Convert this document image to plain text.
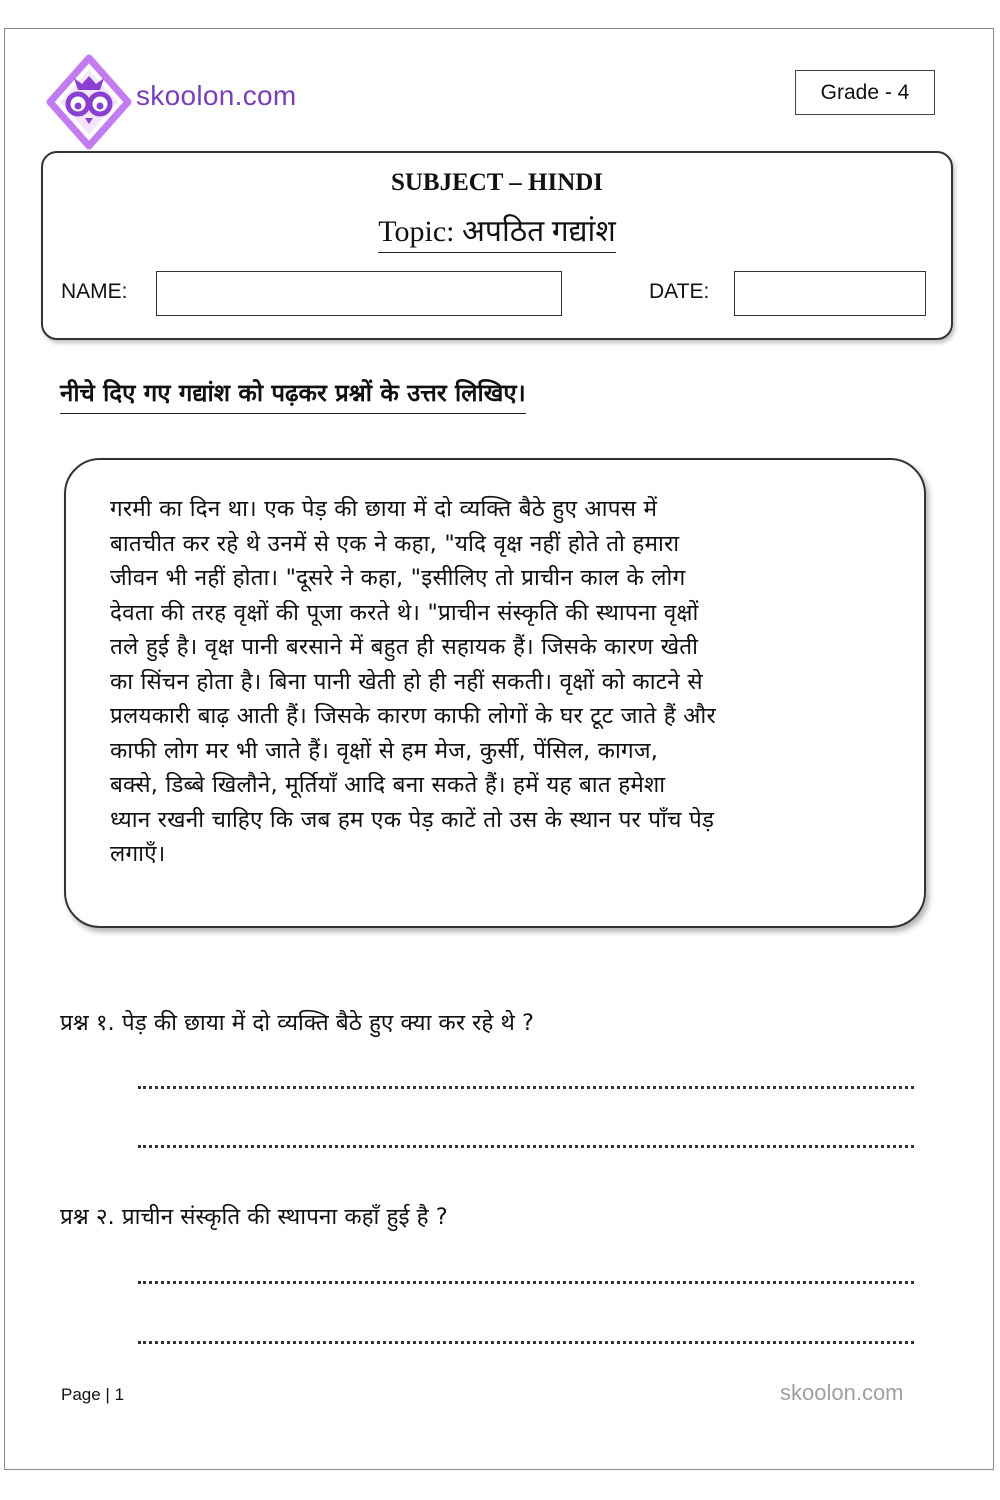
skoolon.com	Grade - 4
SUBJECT – HINDI
Topic: अपठित गद्यांश
NAME:	DATE:
नीचे दिए गए गद्यांश को पढ़कर प्रश्नों के उत्तर लिखिए।
गरमी का दिन था। एक पेड़ की छाया में दो व्यक्ति बैठे हुए आपस में
बातचीत कर रहे थे उनमें से एक ने कहा, "यदि वृक्ष नहीं होते तो हमारा
जीवन भी नहीं होता। "दूसरे ने कहा, "इसीलिए तो प्राचीन काल के लोग
देवता की तरह वृक्षों की पूजा करते थे। "प्राचीन संस्कृति की स्थापना वृक्षों
तले हुई है। वृक्ष पानी बरसाने में बहुत ही सहायक हैं। जिसके कारण खेती
का सिंचन होता है। बिना पानी खेती हो ही नहीं सकती। वृक्षों को काटने से
प्रलयकारी बाढ़ आती हैं। जिसके कारण काफी लोगों के घर टूट जाते हैं और
काफी लोग मर भी जाते हैं। वृक्षों से हम मेज, कुर्सी, पेंसिल, कागज,
बक्से, डिब्बे खिलौने, मूर्तियाँ आदि बना सकते हैं। हमें यह बात हमेशा
ध्यान रखनी चाहिए कि जब हम एक पेड़ काटें तो उस के स्थान पर पाँच पेड़
लगाएँ।
प्रश्न १. पेड़ की छाया में दो व्यक्ति बैठे हुए क्या कर रहे थे ?
प्रश्न २. प्राचीन संस्कृति की स्थापना कहाँ हुई है ?
Page | 1	skoolon.com
